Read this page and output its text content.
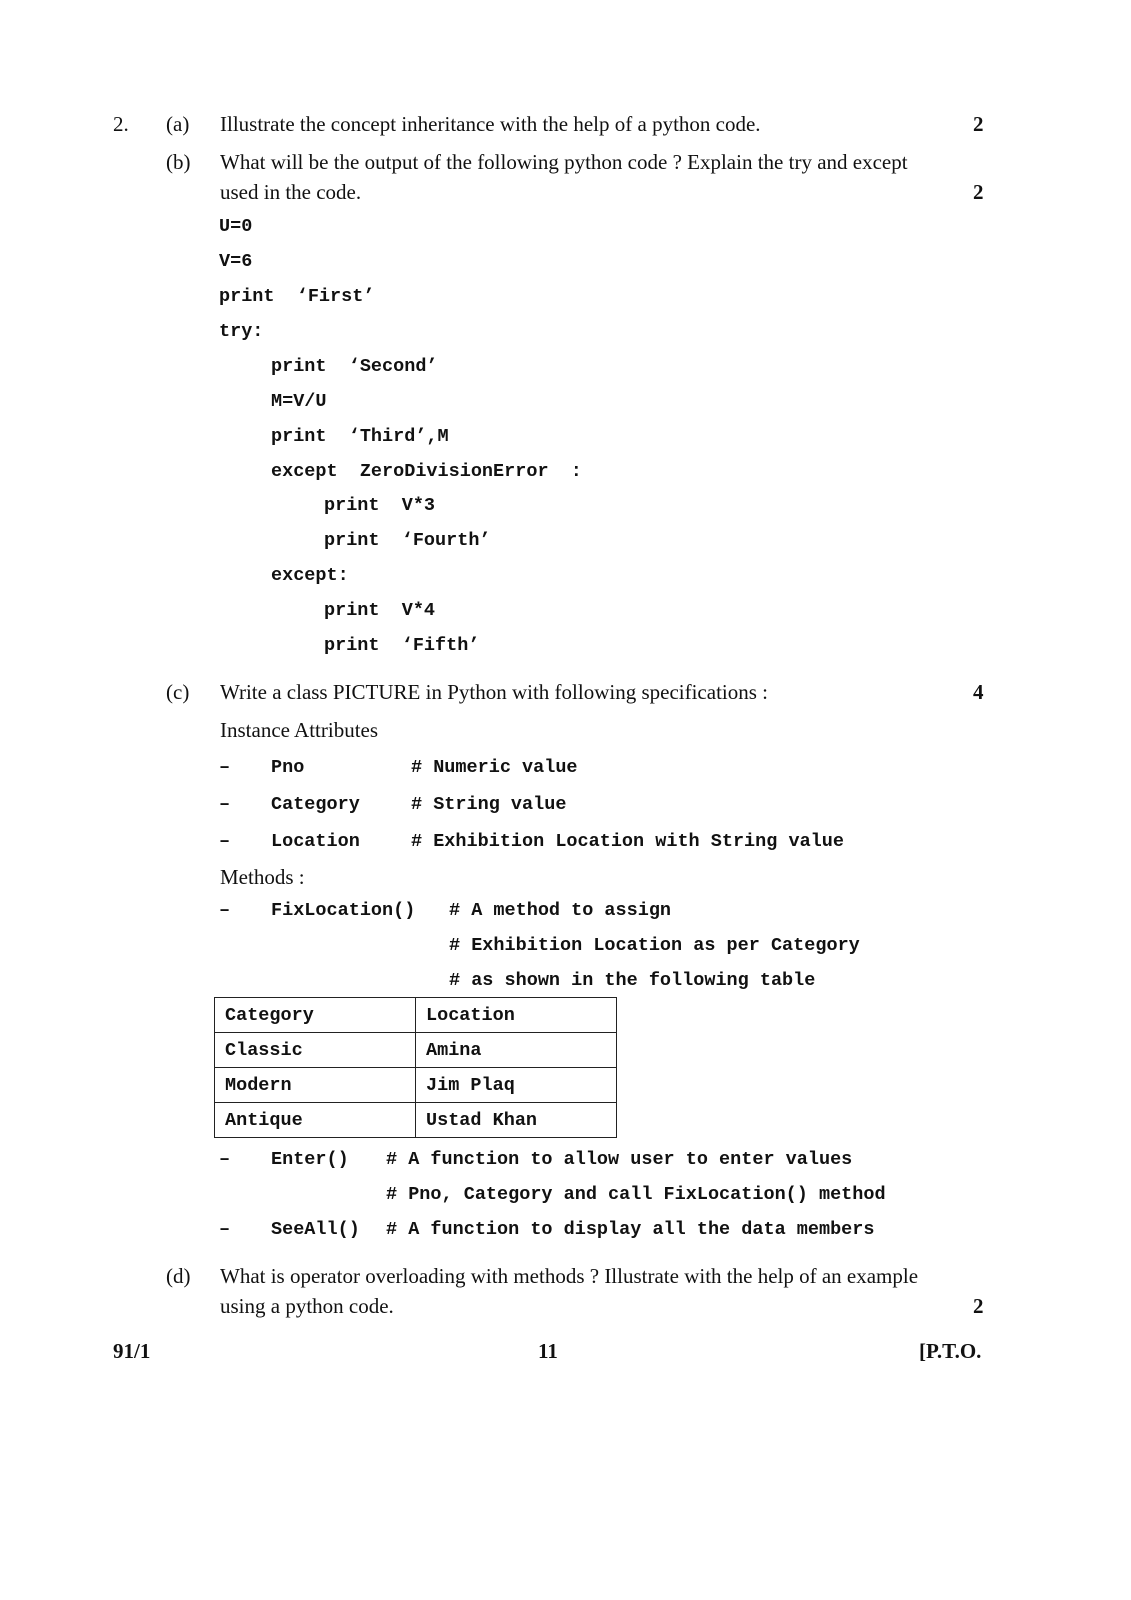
2. (a) Illustrate the concept inheritance with the help of a python code.	2
(b) What will be the output of the following python code ? Explain the try and except
used in the code.	2
U=0
V=6
print  ‘First’
try:
print  ‘Second’
M=V/U
print  ‘Third’,M
except  ZeroDivisionError  :
print  V*3
print  ‘Fourth’
except:
print  V*4
print  ‘Fifth’
(c) Write a class PICTURE in Python with following specifications :	4
Instance Attributes
– Pno	# Numeric value
– Category	# String value
– Location	# Exhibition Location with String value
Methods :
– FixLocation() # A method to assign
# Exhibition Location as per Category
# as shown in the following table
Category	Location
Classic	Amina
Modern	Jim Plaq
Antique	Ustad Khan
– Enter() # A function to allow user to enter values
# Pno, Category and call FixLocation() method
– SeeAll() # A function to display all the data members
(d) What is operator overloading with methods ? Illustrate with the help of an example
using a python code.	2
91/1	11	[P.T.O.
